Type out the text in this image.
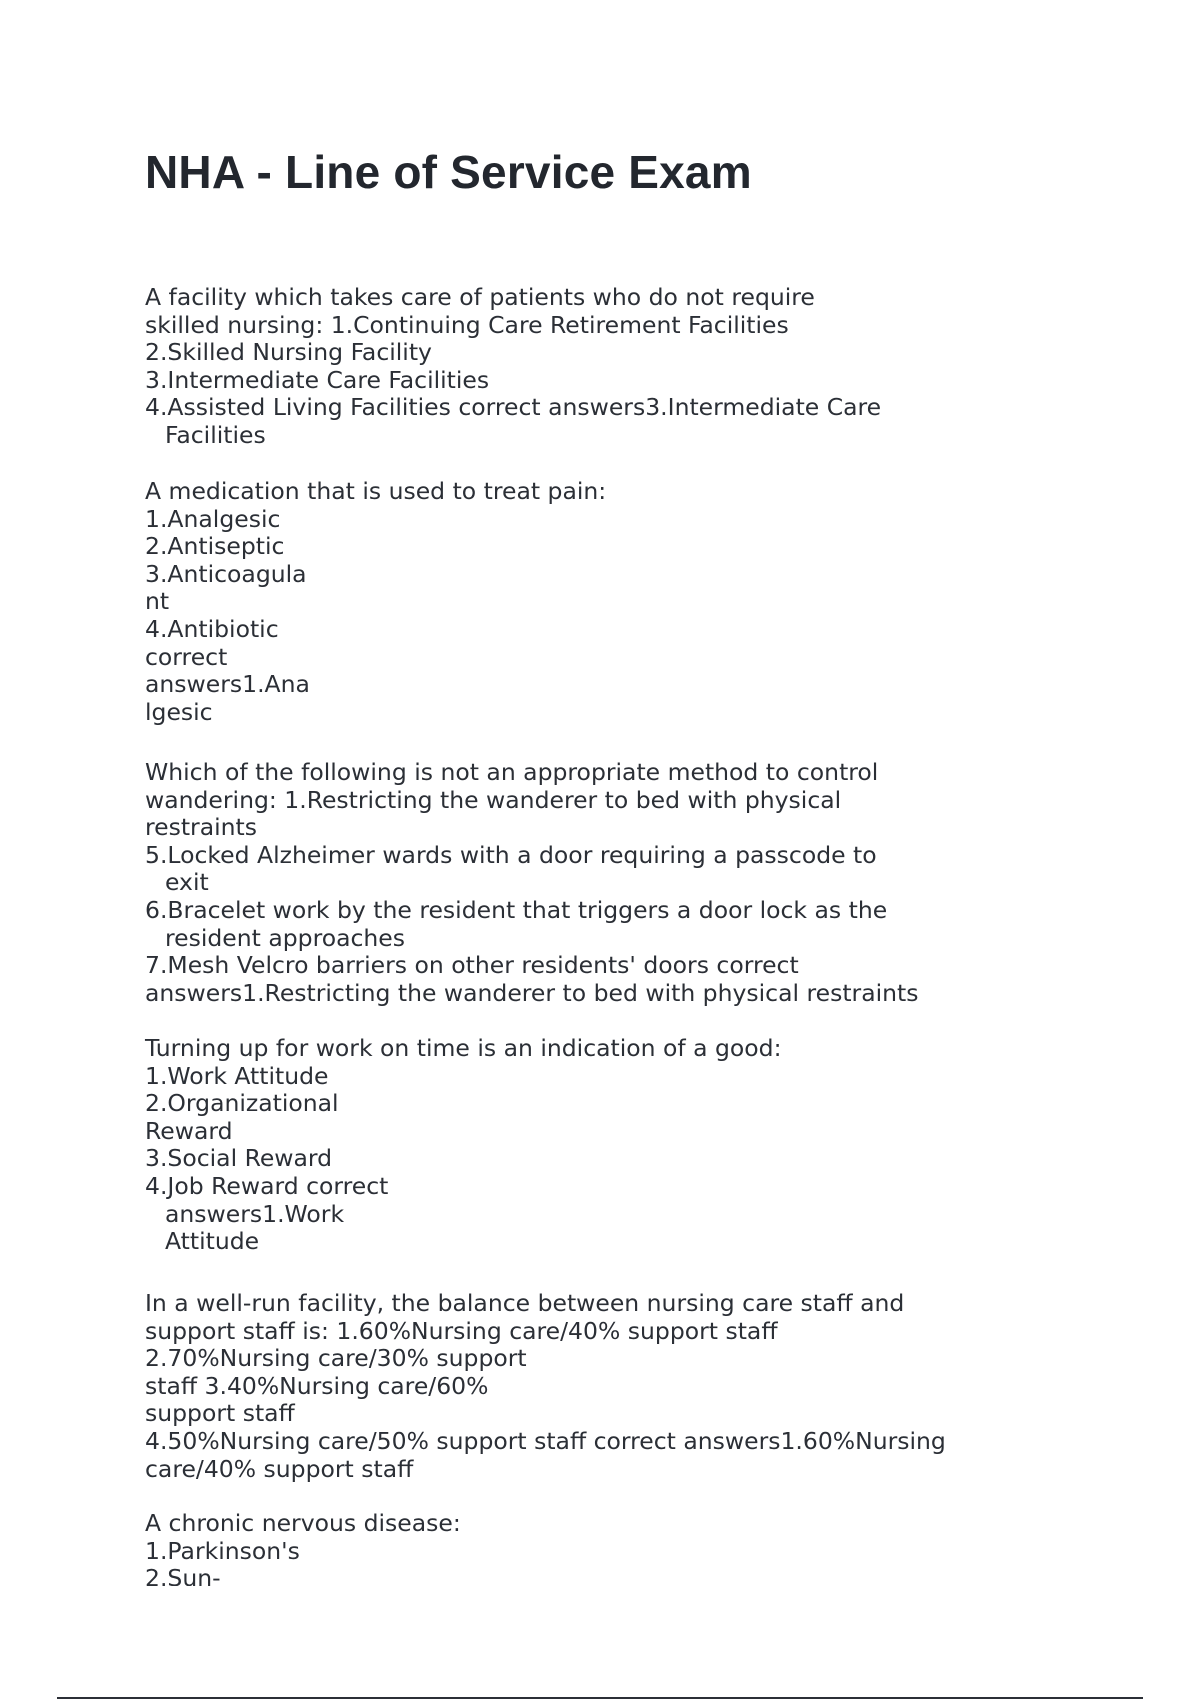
NHA - Line of Service Exam
A facility which takes care of patients who do not require
skilled nursing: 1.Continuing Care Retirement Facilities
2.Skilled Nursing Facility
3.Intermediate Care Facilities
4.Assisted Living Facilities correct answers3.Intermediate Care
Facilities
A medication that is used to treat pain:
1.Analgesic
2.Antiseptic
3.Anticoagula
nt
4.Antibiotic
correct
answers1.Ana
lgesic
Which of the following is not an appropriate method to control
wandering: 1.Restricting the wanderer to bed with physical
restraints
5.Locked Alzheimer wards with a door requiring a passcode to
exit
6.Bracelet work by the resident that triggers a door lock as the
resident approaches
7.Mesh Velcro barriers on other residents' doors correct
answers1.Restricting the wanderer to bed with physical restraints
Turning up for work on time is an indication of a good:
1.Work Attitude
2.Organizational
Reward
3.Social Reward
4.Job Reward correct
answers1.Work
Attitude
In a well-run facility, the balance between nursing care staff and
support staff is: 1.60%Nursing care/40% support staff
2.70%Nursing care/30% support
staff 3.40%Nursing care/60%
support staff
4.50%Nursing care/50% support staff correct answers1.60%Nursing
care/40% support staff
A chronic nervous disease:
1.Parkinson's
2.Sun-
